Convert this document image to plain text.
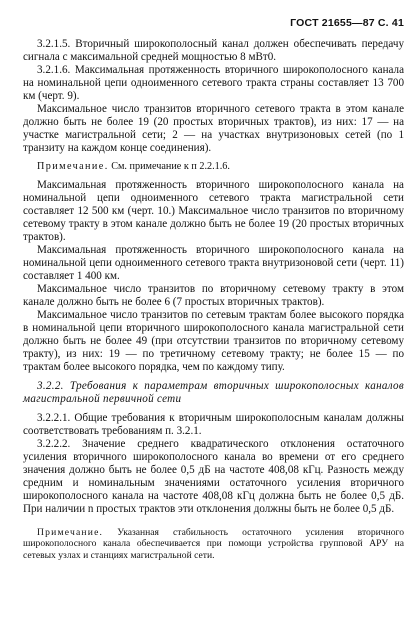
ГОСТ 21655—87 С. 41

3.2.1.5. Вторичный широкополосный канал должен обеспечивать передачу сигнала с максимальной средней мощностью 8 мВт0.

3.2.1.6. Максимальная протяженность вторичного широкополосного канала на номинальной цепи одноименного сетевого тракта страны составляет 13 700 км (черт. 9).

Максимальное число транзитов вторичного сетевого тракта в этом канале должно быть не более 19 (20 простых вторичных трактов), из них: 17 — на участке магистральной сети; 2 — на участках внутризоновых сетей (по 1 транзиту на каждом конце соединения).

Примечание. См. примечание к п 2.2.1.6.

Максимальная протяженность вторичного широкополосного канала на номинальной цепи одноименного сетевого тракта магистральной сети составляет 12 500 км (черт. 10.) Максимальное число транзитов по вторичному сетевому тракту в этом канале должно быть не более 19 (20 простых вторичных трактов).

Максимальная протяженность вторичного широкополосного канала на номинальной цепи одноименного сетевого тракта внутризоновой сети (черт. 11) составляет 1 400 км.

Максимальное число транзитов по вторичному сетевому тракту в этом канале должно быть не более 6 (7 простых вторичных трактов).

Максимальное число транзитов по сетевым трактам более высокого порядка в номинальной цепи вторичного широкополосного канала магистральной сети должно быть не более 49 (при отсутствии транзитов по вторичному сетевому тракту), из них: 19 — по третичному сетевому тракту; не более 15 — по трактам более высокого порядка, чем по каждому типу.

3.2.2. Требования к параметрам вторичных широкополосных каналов магистральной первичной сети

3.2.2.1. Общие требования к вторичным широкополосным каналам должны соответствовать требованиям п. 3.2.1.

3.2.2.2. Значение среднего квадратического отклонения остаточного усиления вторичного широкополосного канала во времени от его среднего значения должно быть не более 0,5 дБ на частоте 408,08 кГц. Разность между средним и номинальным значениями остаточного усиления вторичного широкополосного канала на частоте 408,08 кГц должна быть не более 0,5 дБ. При наличии n простых трактов эти отклонения должны быть не более 0,5 дБ.

Примечание. Указанная стабильность остаточного усиления вторичного широкополосного канала обеспечивается при помощи устройства групповой АРУ на сетевых узлах и станциях магистральной сети.
